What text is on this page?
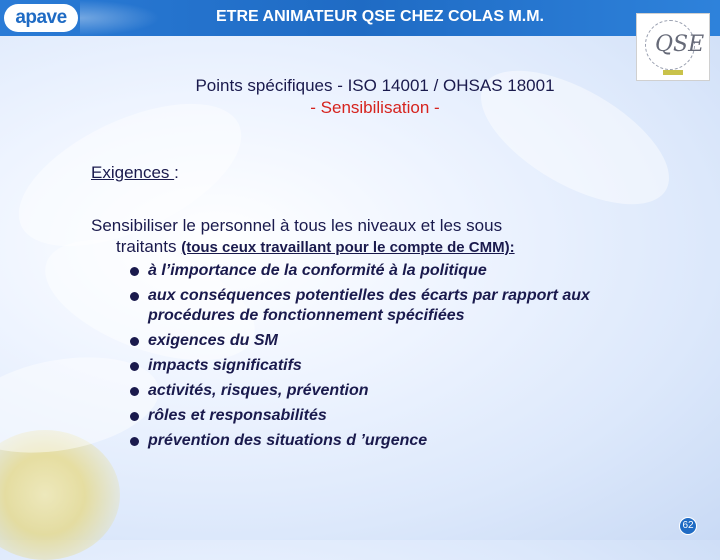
apave	ETRE ANIMATEUR QSE CHEZ COLAS M.M.
QSE
Points spécifiques - ISO 14001 / OHSAS 18001
- Sensibilisation -
Exigences :
Sensibiliser le personnel à tous les niveaux et les sous
traitants (tous ceux travaillant pour le compte de CMM):
à l’importance de la conformité à la politique
aux conséquences potentielles des écarts par rapport aux procédures de fonctionnement spécifiées
exigences du SM
impacts significatifs
activités, risques, prévention
rôles et responsabilités
prévention des situations d ’urgence
62
